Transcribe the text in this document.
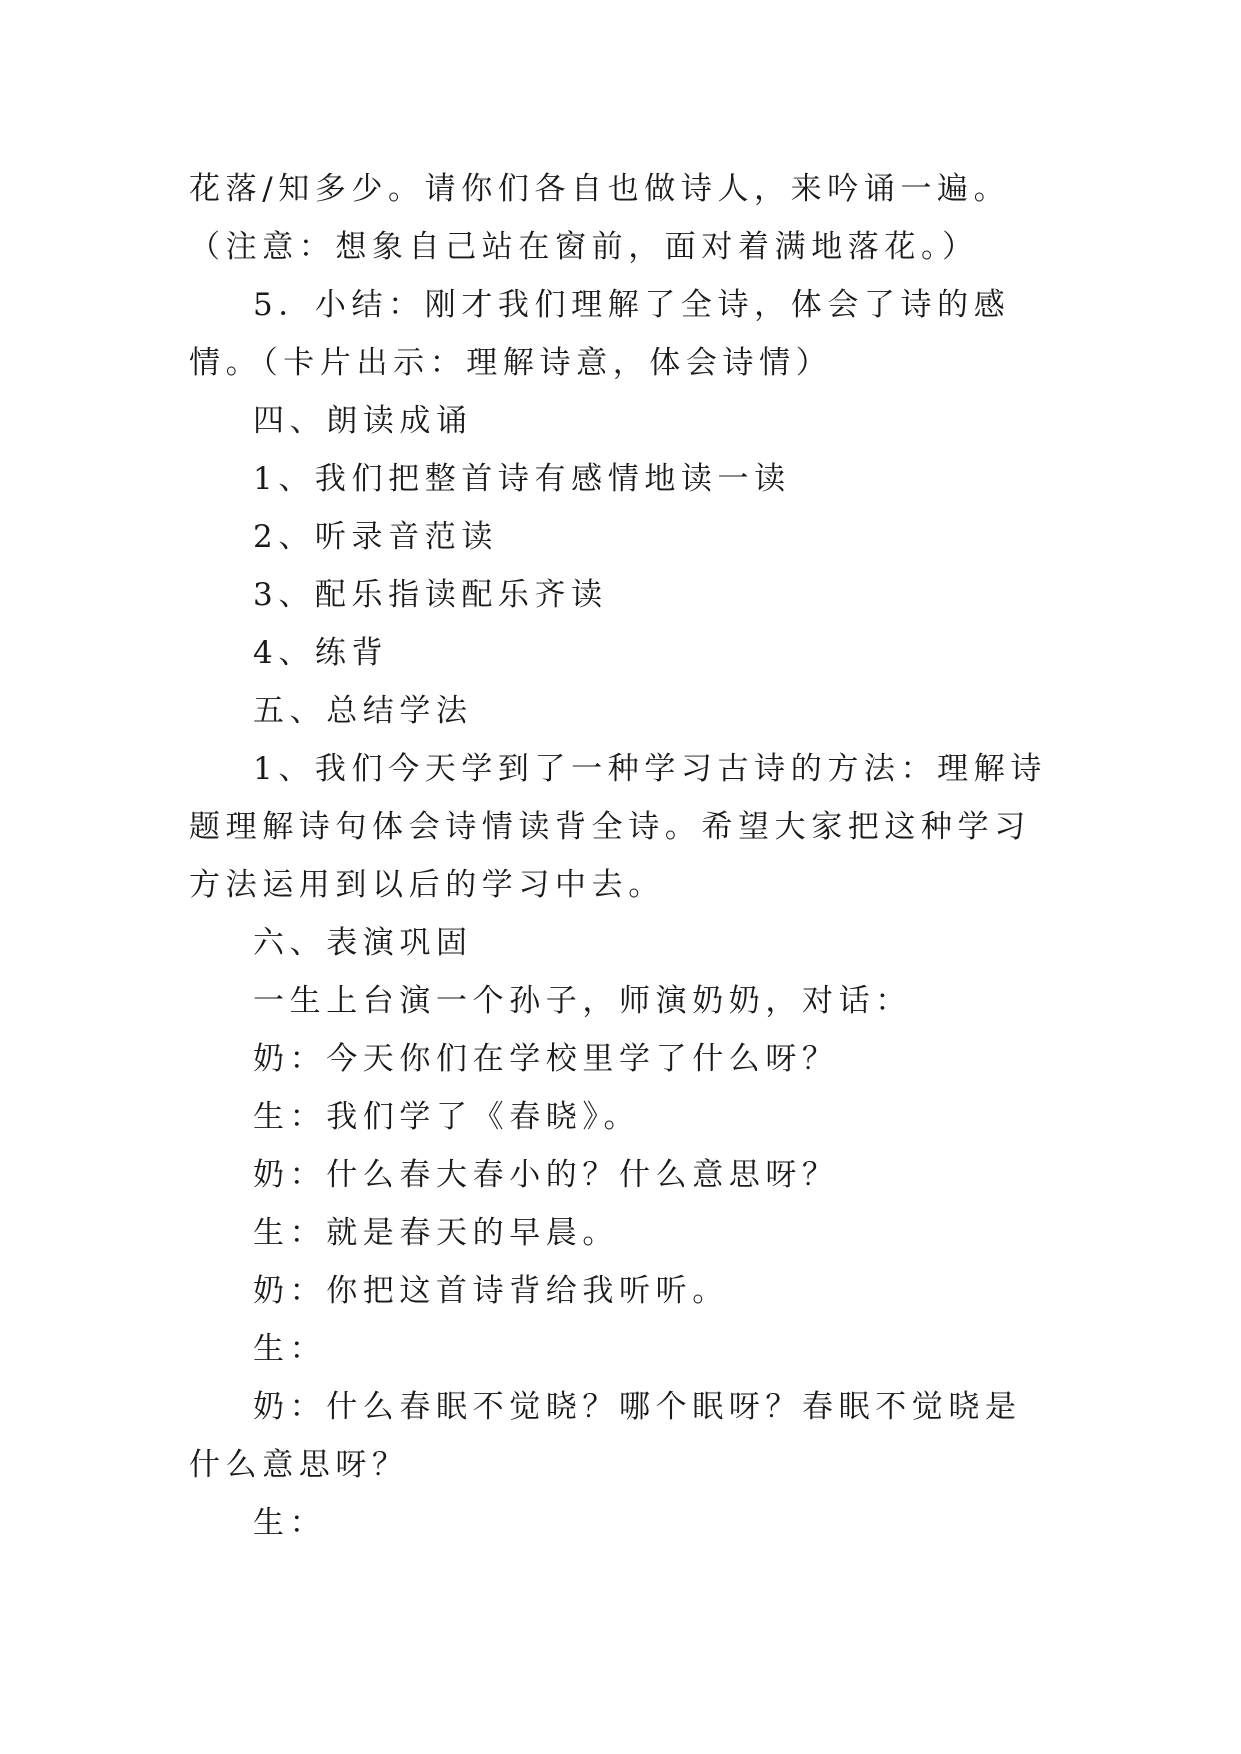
花落/知多少。请你们各自也做诗人，来吟诵一遍。（注意：想象自己站在窗前，面对着满地落花。）

5．小结：刚才我们理解了全诗，体会了诗的感情。（卡片出示：理解诗意，体会诗情）

四、朗读成诵

1、我们把整首诗有感情地读一读

2、听录音范读

3、配乐指读配乐齐读

4、练背

五、总结学法

1、我们今天学到了一种学习古诗的方法：理解诗题理解诗句体会诗情读背全诗。希望大家把这种学习方法运用到以后的学习中去。

六、表演巩固

一生上台演一个孙子，师演奶奶，对话：

奶：今天你们在学校里学了什么呀？

生：我们学了《春晓》。

奶：什么春大春小的？什么意思呀？

生：就是春天的早晨。

奶：你把这首诗背给我听听。

生：

奶：什么春眠不觉晓？哪个眠呀？春眠不觉晓是什么意思呀？

生：
